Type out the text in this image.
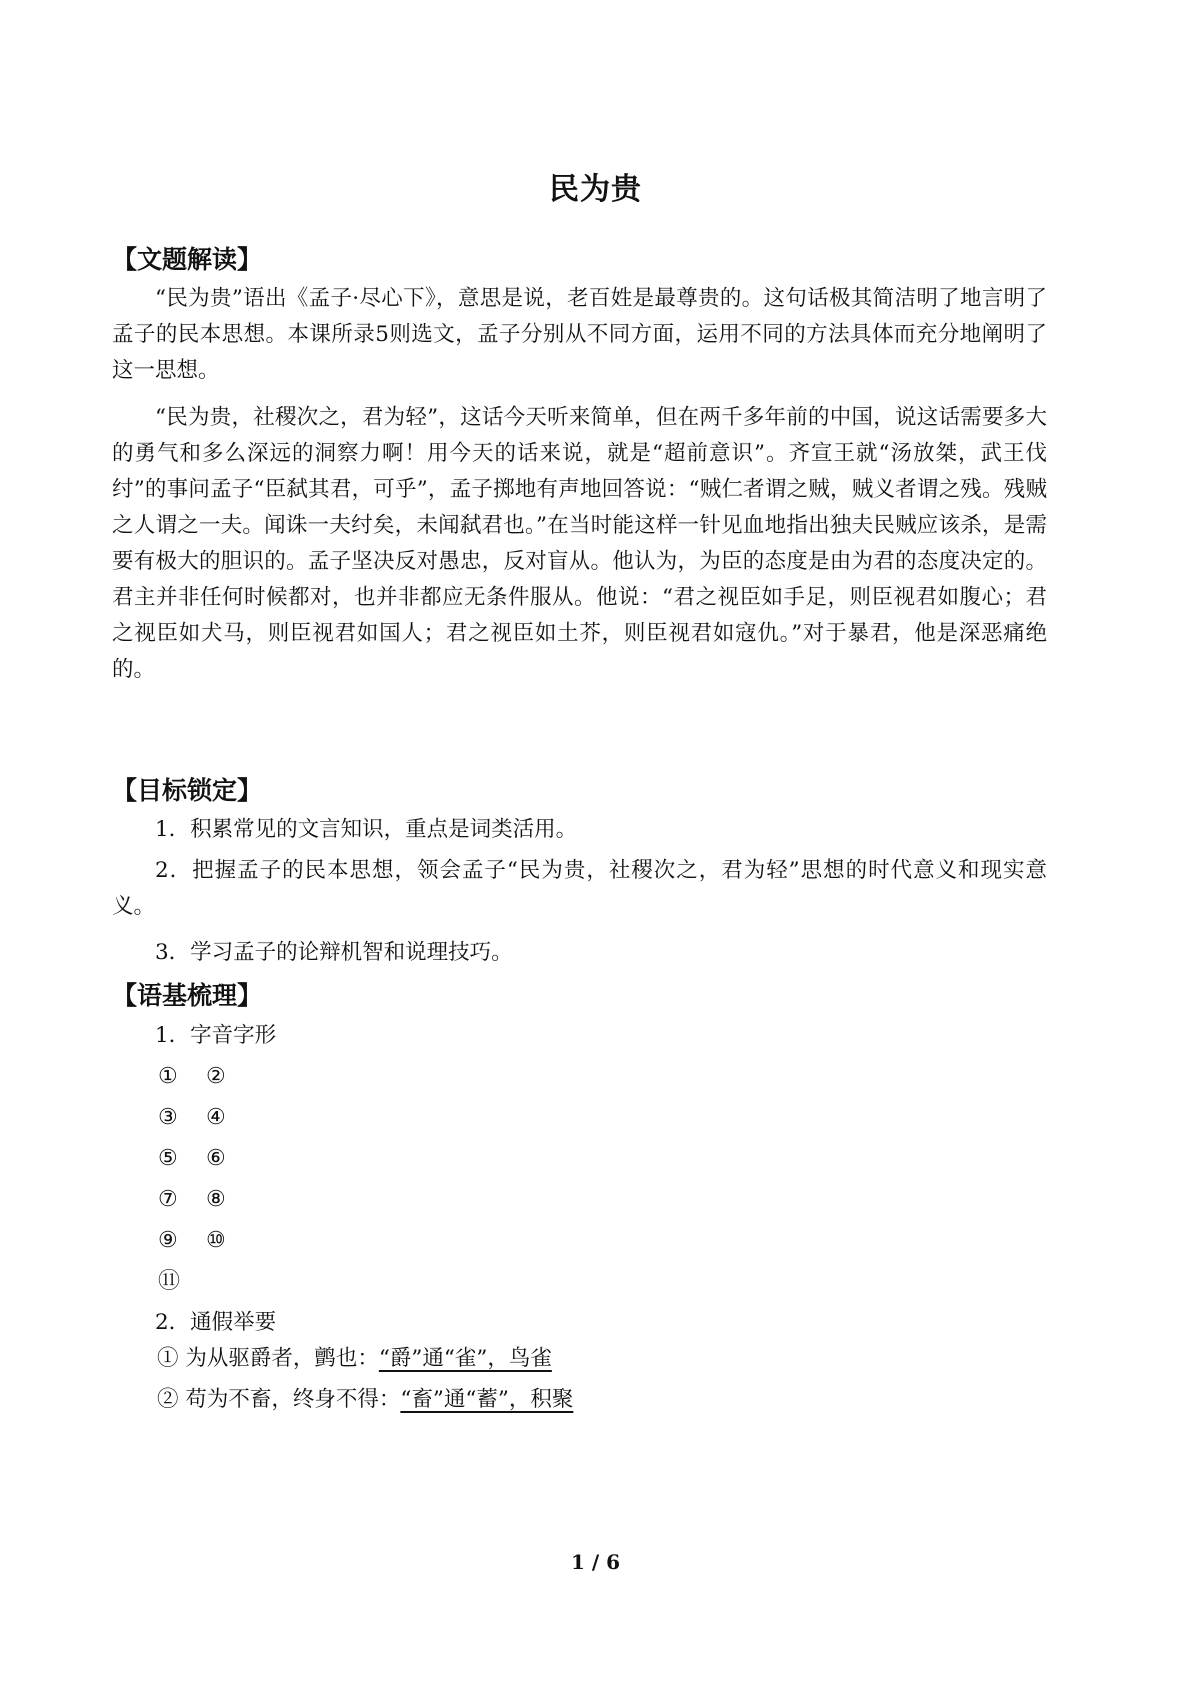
民为贵
【文题解读】

“民为贵”语出《孟子·尽心下》，意思是说，老百姓是最尊贵的。这句话极其简洁明了地言明了孟子的民本思想。本课所录5则选文，孟子分别从不同方面，运用不同的方法具体而充分地阐明了这一思想。

“民为贵，社稷次之，君为轻”，这话今天听来简单，但在两千多年前的中国，说这话需要多大的勇气和多么深远的洞察力啊！用今天的话来说，就是“超前意识”。齐宣王就“汤放桀，武王伐纣”的事问孟子“臣弑其君，可乎”，孟子掷地有声地回答说：“贼仁者谓之贼，贼义者谓之残。残贼之人谓之一夫。闻诛一夫纣矣，未闻弑君也。”在当时能这样一针见血地指出独夫民贼应该杀，是需要有极大的胆识的。孟子坚决反对愚忠，反对盲从。他认为，为臣的态度是由为君的态度决定的。君主并非任何时候都对，也并非都应无条件服从。他说：“君之视臣如手足，则臣视君如腹心；君之视臣如犬马，则臣视君如国人；君之视臣如土芥，则臣视君如寇仇。”对于暴君，他是深恶痛绝的。

【目标锁定】

1．积累常见的文言知识，重点是词类活用。

2．把握孟子的民本思想，领会孟子“民为贵，社稷次之，君为轻”思想的时代意义和现实意义。

3．学习孟子的论辩机智和说理技巧。

【语基梳理】
1．字音字形
① ②
③ ④
⑤ ⑥
⑦ ⑧
⑨ ⑩
⑪
2．通假举要
① 为从驱爵者，鹯也：“爵”通“雀”，鸟雀
② 苟为不畜，终身不得：“畜”通“蓄”，积聚
1 / 6
